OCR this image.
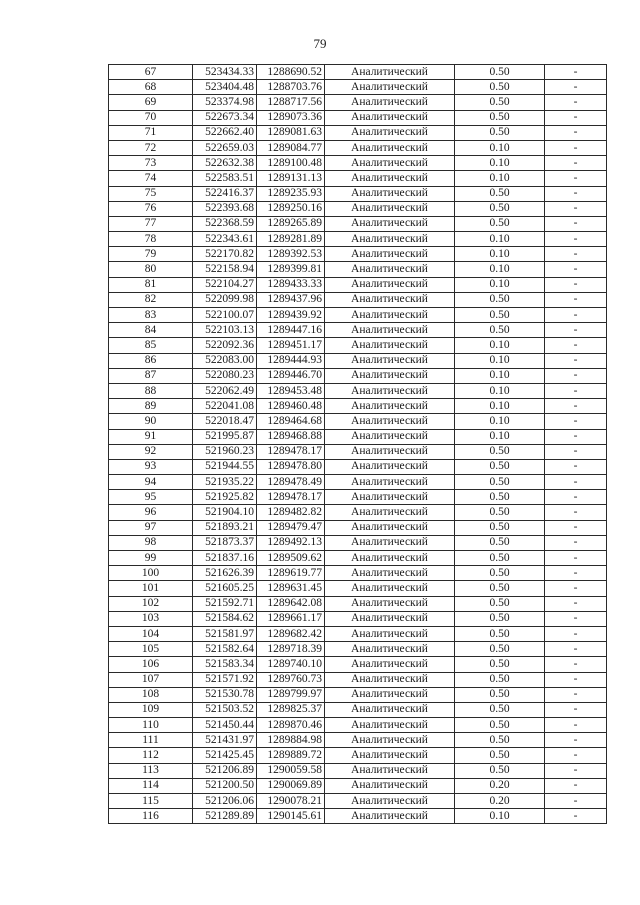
79
67	523434.33	1288690.52	Аналитический	0.50	-
68	523404.48	1288703.76	Аналитический	0.50	-
69	523374.98	1288717.56	Аналитический	0.50	-
70	522673.34	1289073.36	Аналитический	0.50	-
71	522662.40	1289081.63	Аналитический	0.50	-
72	522659.03	1289084.77	Аналитический	0.10	-
73	522632.38	1289100.48	Аналитический	0.10	-
74	522583.51	1289131.13	Аналитический	0.10	-
75	522416.37	1289235.93	Аналитический	0.50	-
76	522393.68	1289250.16	Аналитический	0.50	-
77	522368.59	1289265.89	Аналитический	0.50	-
78	522343.61	1289281.89	Аналитический	0.10	-
79	522170.82	1289392.53	Аналитический	0.10	-
80	522158.94	1289399.81	Аналитический	0.10	-
81	522104.27	1289433.33	Аналитический	0.10	-
82	522099.98	1289437.96	Аналитический	0.50	-
83	522100.07	1289439.92	Аналитический	0.50	-
84	522103.13	1289447.16	Аналитический	0.50	-
85	522092.36	1289451.17	Аналитический	0.10	-
86	522083.00	1289444.93	Аналитический	0.10	-
87	522080.23	1289446.70	Аналитический	0.10	-
88	522062.49	1289453.48	Аналитический	0.10	-
89	522041.08	1289460.48	Аналитический	0.10	-
90	522018.47	1289464.68	Аналитический	0.10	-
91	521995.87	1289468.88	Аналитический	0.10	-
92	521960.23	1289478.17	Аналитический	0.50	-
93	521944.55	1289478.80	Аналитический	0.50	-
94	521935.22	1289478.49	Аналитический	0.50	-
95	521925.82	1289478.17	Аналитический	0.50	-
96	521904.10	1289482.82	Аналитический	0.50	-
97	521893.21	1289479.47	Аналитический	0.50	-
98	521873.37	1289492.13	Аналитический	0.50	-
99	521837.16	1289509.62	Аналитический	0.50	-
100	521626.39	1289619.77	Аналитический	0.50	-
101	521605.25	1289631.45	Аналитический	0.50	-
102	521592.71	1289642.08	Аналитический	0.50	-
103	521584.62	1289661.17	Аналитический	0.50	-
104	521581.97	1289682.42	Аналитический	0.50	-
105	521582.64	1289718.39	Аналитический	0.50	-
106	521583.34	1289740.10	Аналитический	0.50	-
107	521571.92	1289760.73	Аналитический	0.50	-
108	521530.78	1289799.97	Аналитический	0.50	-
109	521503.52	1289825.37	Аналитический	0.50	-
110	521450.44	1289870.46	Аналитический	0.50	-
111	521431.97	1289884.98	Аналитический	0.50	-
112	521425.45	1289889.72	Аналитический	0.50	-
113	521206.89	1290059.58	Аналитический	0.50	-
114	521200.50	1290069.89	Аналитический	0.20	-
115	521206.06	1290078.21	Аналитический	0.20	-
116	521289.89	1290145.61	Аналитический	0.10	-
